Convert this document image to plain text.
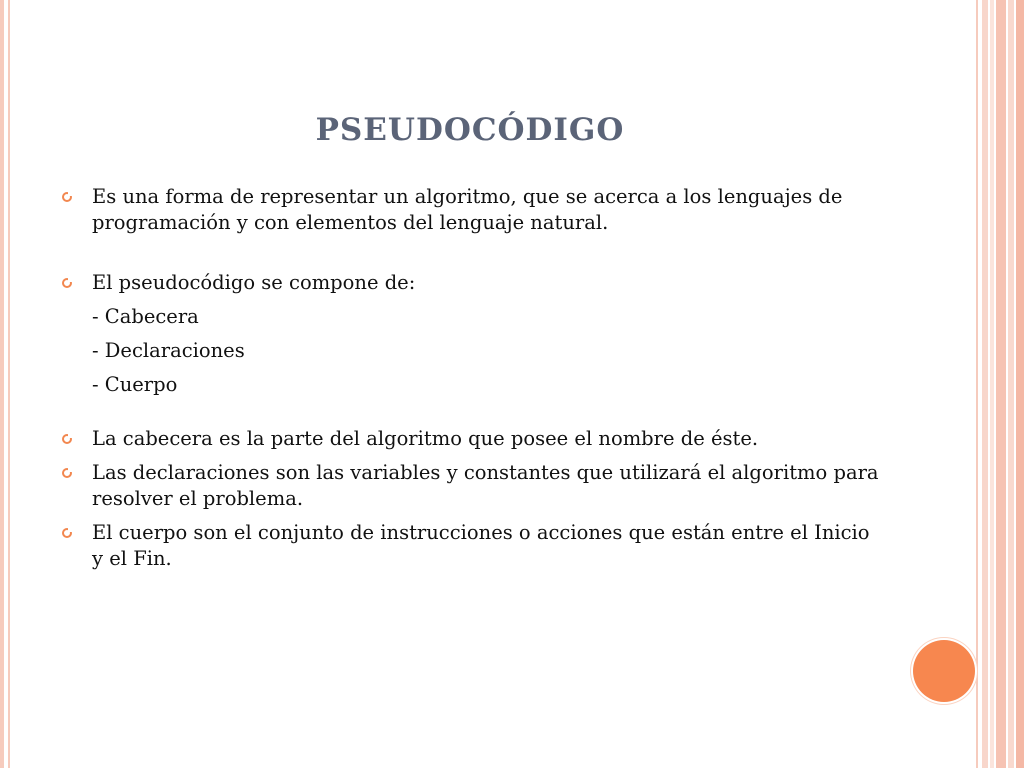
PSEUDOCÓDIGO

Es una forma de representar un algoritmo, que se acerca a los lenguajes de programación y con elementos del lenguaje natural.

El pseudocódigo se compone de:

- Cabecera

- Declaraciones

- Cuerpo

La cabecera es la parte del algoritmo que posee el nombre de éste.

Las declaraciones son las variables y constantes que utilizará el algoritmo para resolver el problema.

El cuerpo son el conjunto de instrucciones o acciones que están entre el Inicio y el Fin.
